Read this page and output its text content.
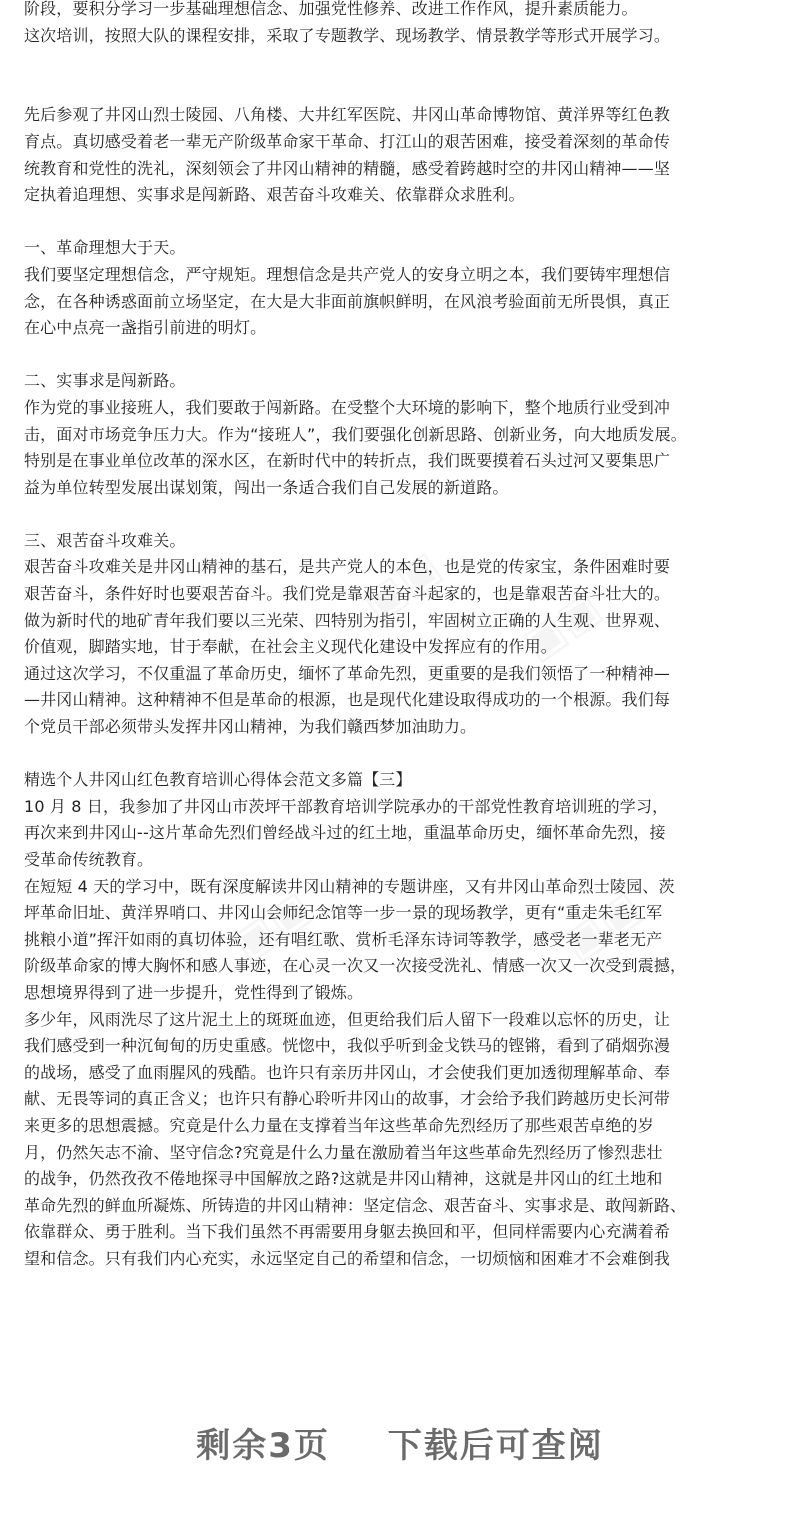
阶段，要积分学习一步基础理想信念、加强党性修养、改进工作作风，提升素质能力。
这次培训，按照大队的课程安排，采取了专题教学、现场教学、情景教学等形式开展学习。
先后参观了井冈山烈士陵园、八角楼、大井红军医院、井冈山革命博物馆、黄洋界等红色教
育点。真切感受着老一辈无产阶级革命家干革命、打江山的艰苦困难，接受着深刻的革命传
统教育和党性的洗礼，深刻领会了井冈山精神的精髓，感受着跨越时空的井冈山精神——坚
定执着追理想、实事求是闯新路、艰苦奋斗攻难关、依靠群众求胜利。
一、革命理想大于天。
我们要坚定理想信念，严守规矩。理想信念是共产党人的安身立明之本，我们要铸牢理想信
念，在各种诱惑面前立场坚定，在大是大非面前旗帜鲜明，在风浪考验面前无所畏惧，真正
在心中点亮一盏指引前进的明灯。
二、实事求是闯新路。
作为党的事业接班人，我们要敢于闯新路。在受整个大环境的影响下，整个地质行业受到冲
击，面对市场竞争压力大。作为“接班人”，我们要强化创新思路、创新业务，向大地质发展。
特别是在事业单位改革的深水区，在新时代中的转折点，我们既要摸着石头过河又要集思广
益为单位转型发展出谋划策，闯出一条适合我们自己发展的新道路。
三、艰苦奋斗攻难关。
艰苦奋斗攻难关是井冈山精神的基石，是共产党人的本色，也是党的传家宝，条件困难时要
艰苦奋斗，条件好时也要艰苦奋斗。我们党是靠艰苦奋斗起家的，也是靠艰苦奋斗壮大的。
做为新时代的地矿青年我们要以三光荣、四特别为指引，牢固树立正确的人生观、世界观、
价值观，脚踏实地，甘于奉献，在社会主义现代化建设中发挥应有的作用。
通过这次学习，不仅重温了革命历史，缅怀了革命先烈，更重要的是我们领悟了一种精神—
—井冈山精神。这种精神不但是革命的根源，也是现代化建设取得成功的一个根源。我们每
个党员干部必须带头发挥井冈山精神，为我们赣西梦加油助力。
精选个人井冈山红色教育培训心得体会范文多篇【三】
10 月 8 日，我参加了井冈山市茨坪干部教育培训学院承办的干部党性教育培训班的学习，
再次来到井冈山--这片革命先烈们曾经战斗过的红土地，重温革命历史，缅怀革命先烈，接
受革命传统教育。
在短短 4 天的学习中，既有深度解读井冈山精神的专题讲座，又有井冈山革命烈士陵园、茨
坪革命旧址、黄洋界哨口、井冈山会师纪念馆等一步一景的现场教学，更有“重走朱毛红军
挑粮小道”挥汗如雨的真切体验，还有唱红歌、赏析毛泽东诗词等教学，感受老一辈老无产
阶级革命家的博大胸怀和感人事迹，在心灵一次又一次接受洗礼、情感一次又一次受到震撼，
思想境界得到了进一步提升，党性得到了锻炼。
多少年，风雨洗尽了这片泥土上的斑斑血迹，但更给我们后人留下一段难以忘怀的历史，让
我们感受到一种沉甸甸的历史重感。恍惚中，我似乎听到金戈铁马的铿锵，看到了硝烟弥漫
的战场，感受了血雨腥风的残酷。也许只有亲历井冈山，才会使我们更加透彻理解革命、奉
献、无畏等词的真正含义；也许只有静心聆听井冈山的故事，才会给予我们跨越历史长河带
来更多的思想震撼。究竟是什么力量在支撑着当年这些革命先烈经历了那些艰苦卓绝的岁
月，仍然矢志不渝、坚守信念?究竟是什么力量在激励着当年这些革命先烈经历了惨烈悲壮
的战争，仍然孜孜不倦地探寻中国解放之路?这就是井冈山精神，这就是井冈山的红土地和
革命先烈的鲜血所凝炼、所铸造的井冈山精神：坚定信念、艰苦奋斗、实事求是、敢闯新路、
依靠群众、勇于胜利。当下我们虽然不再需要用身躯去换回和平，但同样需要内心充满着希
望和信念。只有我们内心充实，永远坚定自己的希望和信念，一切烦恼和困难才不会难倒我
剩余3页 下载后可查阅
